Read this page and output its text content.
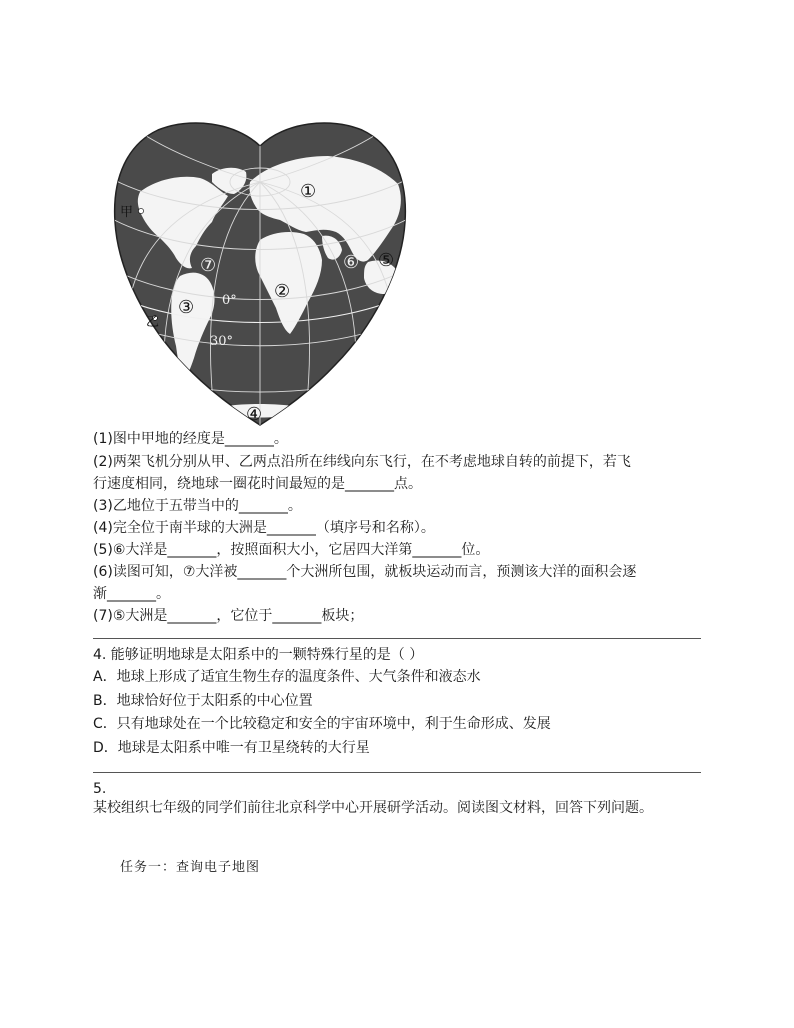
甲
乙
①
②
③
④
⑤
⑥
⑦
0°
30°
(1)图中甲地的经度是_______。
(2)两架飞机分别从甲、乙两点沿所在纬线向东飞行，在不考虑地球自转的前提下，若飞
行速度相同，绕地球一圈花时间最短的是_______点。
(3)乙地位于五带当中的_______。
(4)完全位于南半球的大洲是_______（填序号和名称）。
(5)⑥大洋是_______，按照面积大小，它居四大洋第_______位。
(6)读图可知，⑦大洋被_______个大洲所包围，就板块运动而言，预测该大洋的面积会逐
渐_______。
(7)⑤大洲是_______，它位于_______板块；
4. 能够证明地球是太阳系中的一颗特殊行星的是（ ）
A．地球上形成了适宜生物生存的温度条件、大气条件和液态水
B．地球恰好位于太阳系的中心位置
C．只有地球处在一个比较稳定和安全的宇宙环境中，利于生命形成、发展
D．地球是太阳系中唯一有卫星绕转的大行星
5.
某校组织七年级的同学们前往北京科学中心开展研学活动。阅读图文材料，回答下列问题。
任务一：查询电子地图
